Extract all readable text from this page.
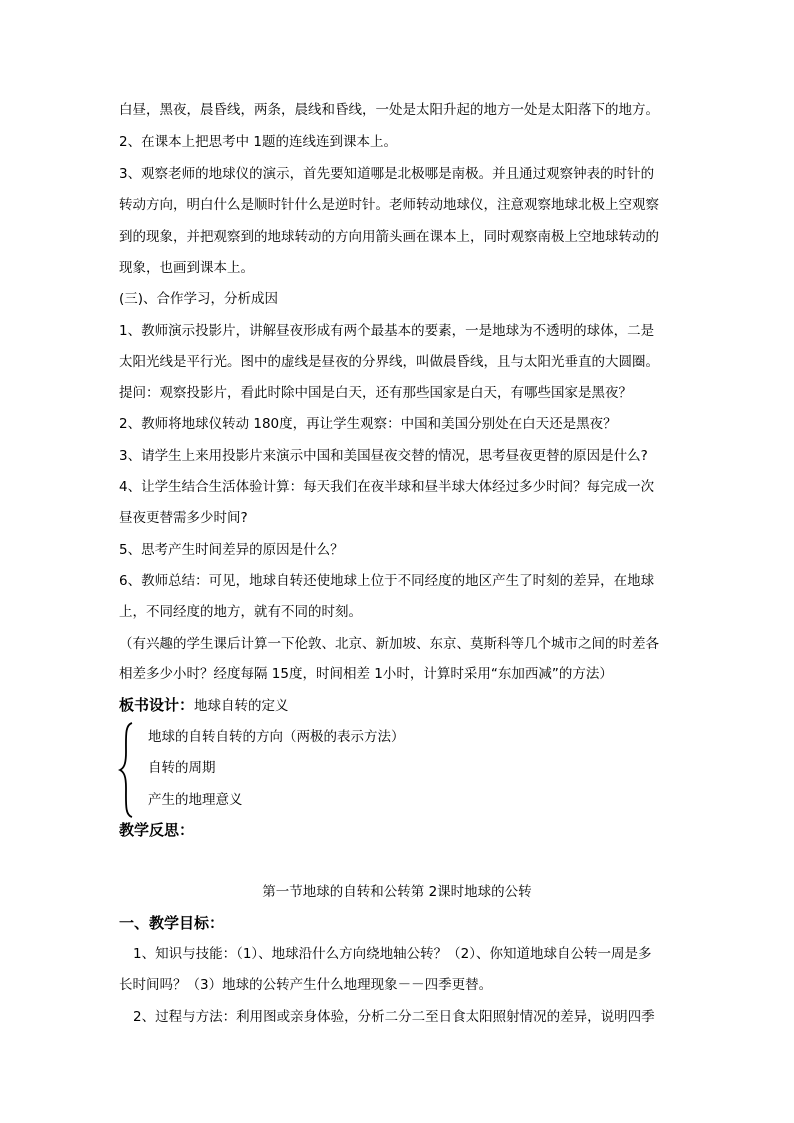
白昼，黑夜，晨昏线，两条，晨线和昏线，一处是太阳升起的地方一处是太阳落下的地方。
2、在课本上把思考中 1题的连线连到课本上。
3、观察老师的地球仪的演示，首先要知道哪是北极哪是南极。并且通过观察钟表的时针的
转动方向，明白什么是顺时针什么是逆时针。老师转动地球仪，注意观察地球北极上空观察
到的现象，并把观察到的地球转动的方向用箭头画在课本上，同时观察南极上空地球转动的
现象，也画到课本上。
(三)、合作学习，分析成因
1、教师演示投影片，讲解昼夜形成有两个最基本的要素，一是地球为不透明的球体，二是
太阳光线是平行光。图中的虚线是昼夜的分界线，叫做晨昏线，且与太阳光垂直的大圆圈。
提问：观察投影片，看此时除中国是白天，还有那些国家是白天，有哪些国家是黑夜？
2、教师将地球仪转动 180度，再让学生观察：中国和美国分别处在白天还是黑夜？
3、请学生上来用投影片来演示中国和美国昼夜交替的情况，思考昼夜更替的原因是什么?
4、让学生结合生活体验计算：每天我们在夜半球和昼半球大体经过多少时间？每完成一次
昼夜更替需多少时间?
5、思考产生时间差异的原因是什么？
6、教师总结：可见，地球自转还使地球上位于不同经度的地区产生了时刻的差异，在地球
上，不同经度的地方，就有不同的时刻。
（有兴趣的学生课后计算一下伦敦、北京、新加坡、东京、莫斯科等几个城市之间的时差各
相差多少小时？经度每隔 15度，时间相差 1小时，计算时采用“东加西减”的方法）
板书设计：地球自转的定义
地球的自转自转的方向（两极的表示方法）
自转的周期
产生的地理意义
教学反思：
第一节地球的自转和公转第 2课时地球的公转
一、教学目标：
1、知识与技能：（1）、地球沿什么方向绕地轴公转？（2）、你知道地球自公转一周是多
长时间吗？（3）地球的公转产生什么地理现象－－四季更替。
2、过程与方法：利用图或亲身体验，分析二分二至日食太阳照射情况的差异，说明四季
